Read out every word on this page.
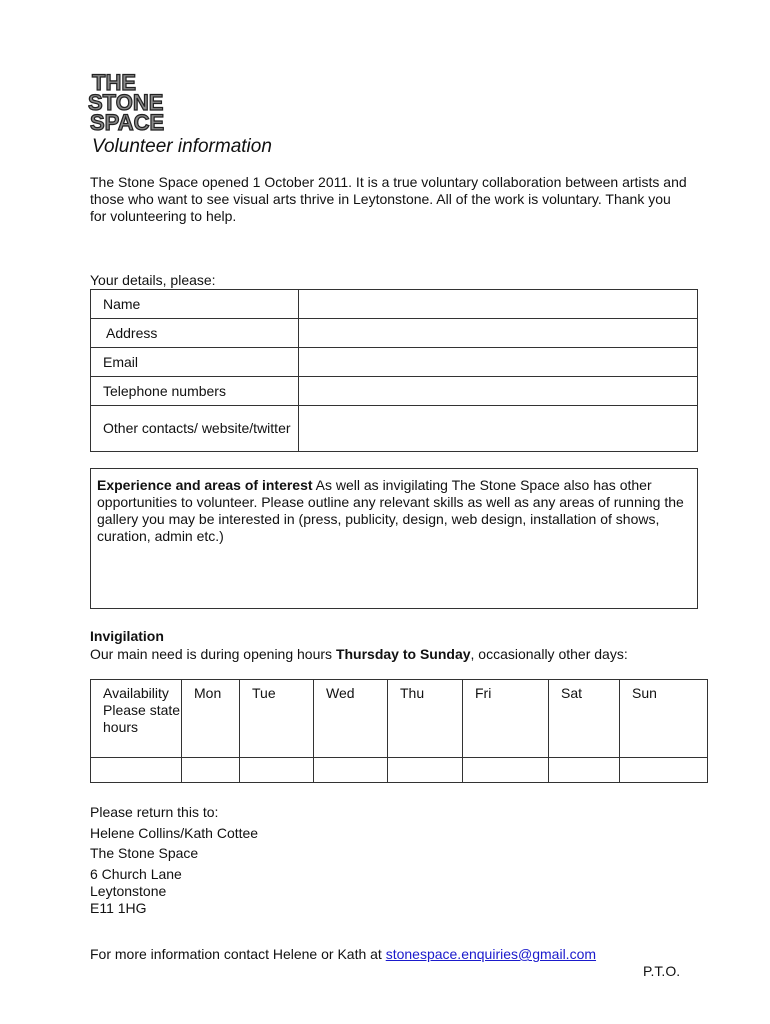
THE
STONE
SPACE
Volunteer information
The Stone Space opened 1 October 2011. It is a true voluntary collaboration between artists and those who want to see visual arts thrive in Leytonstone. All of the work is voluntary. Thank you for volunteering to help.
Your details, please:
Name	
Address	
Email	
Telephone numbers	
Other contacts/ website/twitter	
Experience and areas of interest As well as invigilating The Stone Space also has other opportunities to volunteer. Please outline any relevant skills as well as any areas of running the gallery you may be interested in (press, publicity, design, web design, installation of shows, curation, admin etc.)
Invigilation
Our main need is during opening hours Thursday to Sunday, occasionally other days:
Availability Please state hours	Mon	Tue	Wed	Thu	Fri	Sat	Sun

Please return this to:
Helene Collins/Kath Cottee
The Stone Space
6 Church Lane
Leytonstone
E11 1HG
For more information contact Helene or Kath at stonespace.enquiries@gmail.com
P.T.O.
